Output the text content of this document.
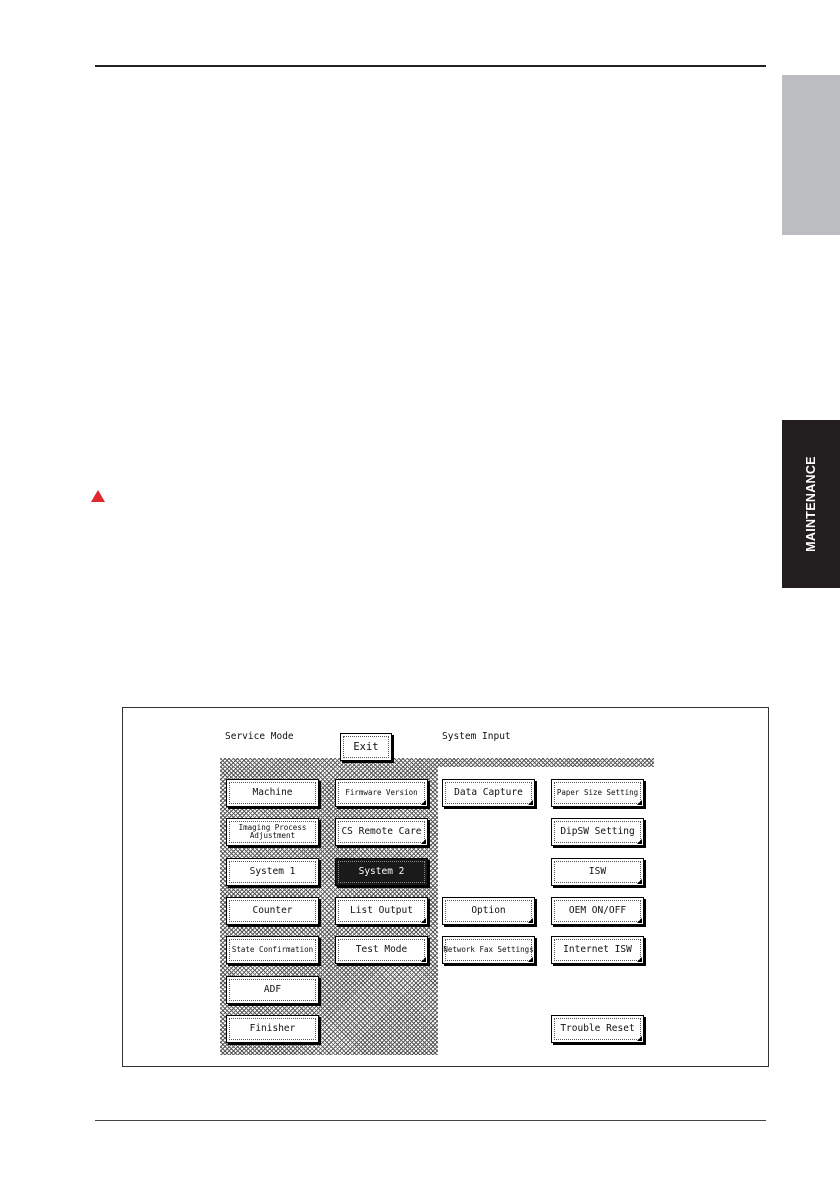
MAINTENANCE
Service Mode	System Input
Exit
Machine
Imaging Process Adjustment
System 1
Counter
State Confirmation
ADF
Finisher
Firmware Version
CS Remote Care
System 2
List Output
Test Mode
Data Capture
Option
Network Fax Settings
Paper Size Setting
DipSW Setting
ISW
OEM ON/OFF
Internet ISW
Trouble Reset
